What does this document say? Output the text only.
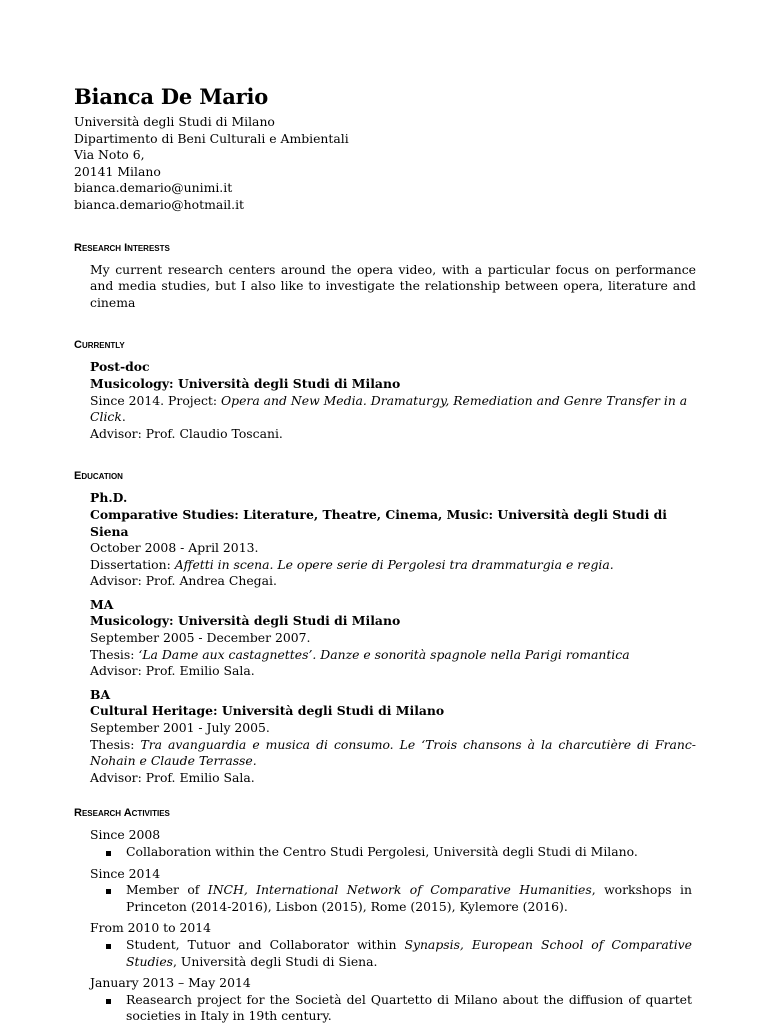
Bianca De Mario
Università degli Studi di Milano
Dipartimento di Beni Culturali e Ambientali
Via Noto 6,
20141 Milano
bianca.demario@unimi.it
bianca.demario@hotmail.it
Research Interests
My current research centers around the opera video, with a particular focus on performance and media studies, but I also like to investigate the relationship between opera, literature and cinema
Currently
Post-doc
Musicology: Università degli Studi di Milano
Since 2014. Project: Opera and New Media. Dramaturgy, Remediation and Genre Transfer in a Click.
Advisor: Prof. Claudio Toscani.
Education
Ph.D.
Comparative Studies: Literature, Theatre, Cinema, Music: Università degli Studi di Siena
October 2008 - April 2013.
Dissertation: Affetti in scena. Le opere serie di Pergolesi tra drammaturgia e regia.
Advisor: Prof. Andrea Chegai.
MA
Musicology: Università degli Studi di Milano
September 2005 - December 2007.
Thesis: ‘La Dame aux castagnettes’. Danze e sonorità spagnole nella Parigi romantica
Advisor: Prof. Emilio Sala.
BA
Cultural Heritage: Università degli Studi di Milano
September 2001 - July 2005.
Thesis: Tra avanguardia e musica di consumo. Le ‘Trois chansons à la charcutière di Franc-Nohain e Claude Terrasse.
Advisor: Prof. Emilio Sala.
Research Activities
Since 2008
Collaboration within the Centro Studi Pergolesi, Università degli Studi di Milano.
Since 2014
Member of INCH, International Network of Comparative Humanities, workshops in Princeton (2014-2016), Lisbon (2015), Rome (2015), Kylemore (2016).
From 2010 to 2014
Student, Tutuor and Collaborator within Synapsis, European School of Comparative Studies, Università degli Studi di Siena.
January 2013 – May 2014
Reasearch project for the Società del Quartetto di Milano about the diffusion of quartet societies in Italy in 19th century.
